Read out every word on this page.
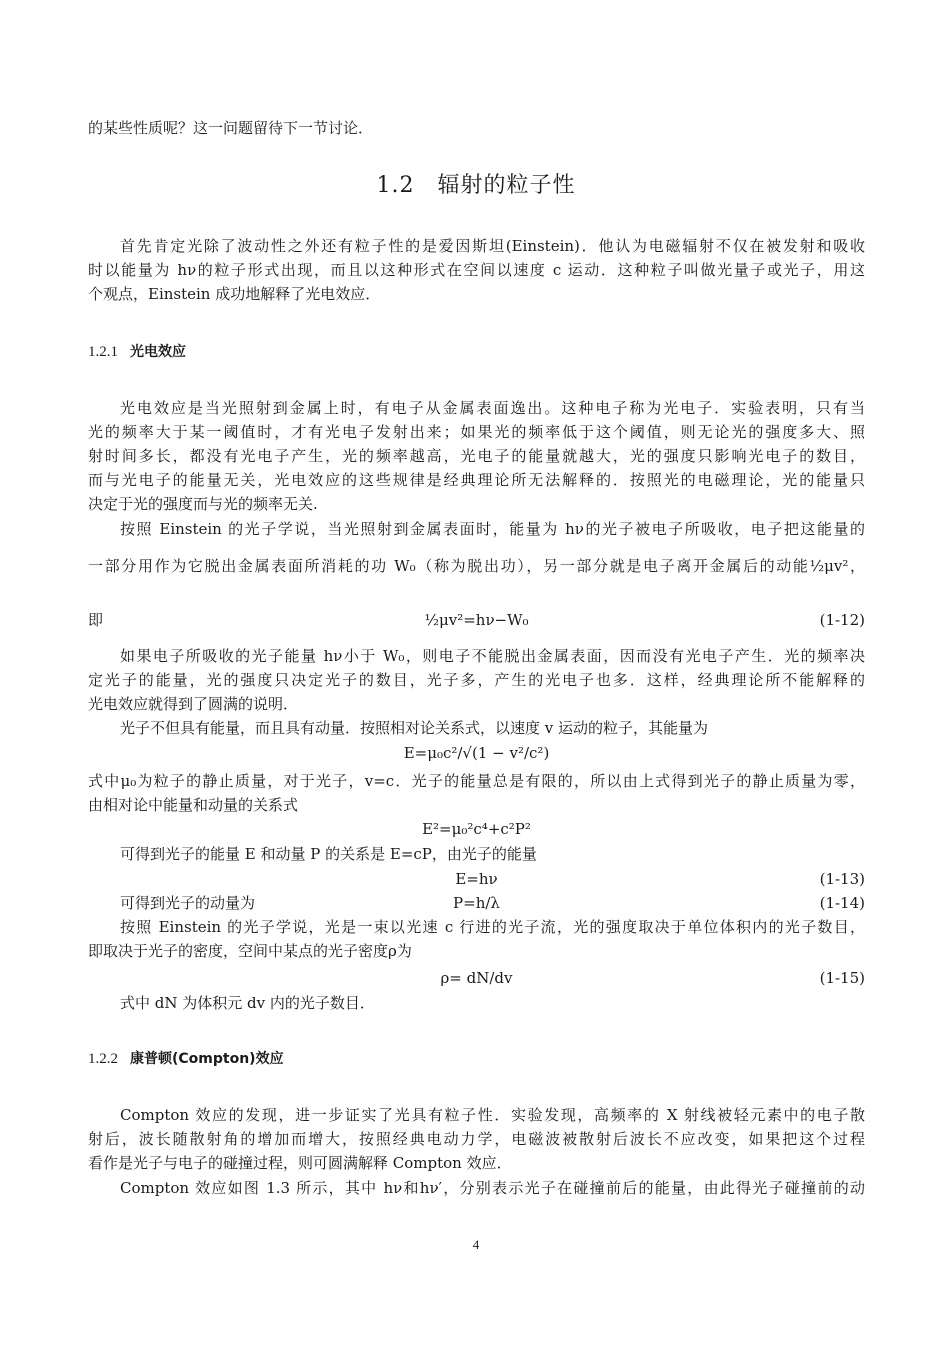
的某些性质呢？这一问题留待下一节讨论．
1.2　辐射的粒子性
首先肯定光除了波动性之外还有粒子性的是爱因斯坦(Einstein)．他认为电磁辐射不仅在被发射和吸收
时以能量为 hν的粒子形式出现，而且以这种形式在空间以速度 c 运动．这种粒子叫做光量子或光子，用这
个观点，Einstein 成功地解释了光电效应．
1.2.1 光电效应
光电效应是当光照射到金属上时，有电子从金属表面逸出。这种电子称为光电子．实验表明，只有当
光的频率大于某一阈值时，才有光电子发射出来；如果光的频率低于这个阈值，则无论光的强度多大、照
射时间多长，都没有光电子产生，光的频率越高，光电子的能量就越大，光的强度只影响光电子的数目，
而与光电子的能量无关，光电效应的这些规律是经典理论所无法解释的．按照光的电磁理论，光的能量只
决定于光的强度而与光的频率无关.
按照 Einstein 的光子学说，当光照射到金属表面时，能量为 hν的光子被电子所吸收，电子把这能量的
一部分用作为它脱出金属表面所消耗的功 W₀（称为脱出功），另一部分就是电子离开金属后的动能½μv²，
即	½μv²=hν−W₀	(1-12)
如果电子所吸收的光子能量 hν小于 W₀，则电子不能脱出金属表面，因而没有光电子产生．光的频率决
定光子的能量，光的强度只决定光子的数目，光子多，产生的光电子也多．这样，经典理论所不能解释的
光电效应就得到了圆满的说明．
光子不但具有能量，而且具有动量．按照相对论关系式，以速度 v 运动的粒子，其能量为
E=μ₀c²/√(1 − v²/c²)
式中μ₀为粒子的静止质量，对于光子，v=c．光子的能量总是有限的，所以由上式得到光子的静止质量为零，
由相对论中能量和动量的关系式
E²=μ₀²c⁴+c²P²
可得到光子的能量 E 和动量 P 的关系是 E=cP，由光子的能量
E=hν	(1-13)
可得到光子的动量为	P=h/λ	(1-14)
按照 Einstein 的光子学说，光是一束以光速 c 行进的光子流，光的强度取决于单位体积内的光子数目，
即取决于光子的密度，空间中某点的光子密度ρ为
ρ= dN/dv	(1-15)
式中 dN 为体积元 dv 内的光子数目．
1.2.2 康普顿(Compton)效应
Compton 效应的发现，进一步证实了光具有粒子性．实验发现，高频率的 X 射线被轻元素中的电子散
射后，波长随散射角的增加而增大，按照经典电动力学，电磁波被散射后波长不应改变，如果把这个过程
看作是光子与电子的碰撞过程，则可圆满解释 Compton 效应．
Compton 效应如图 1.3 所示，其中 hν和hν′，分别表示光子在碰撞前后的能量，由此得光子碰撞前的动
4
